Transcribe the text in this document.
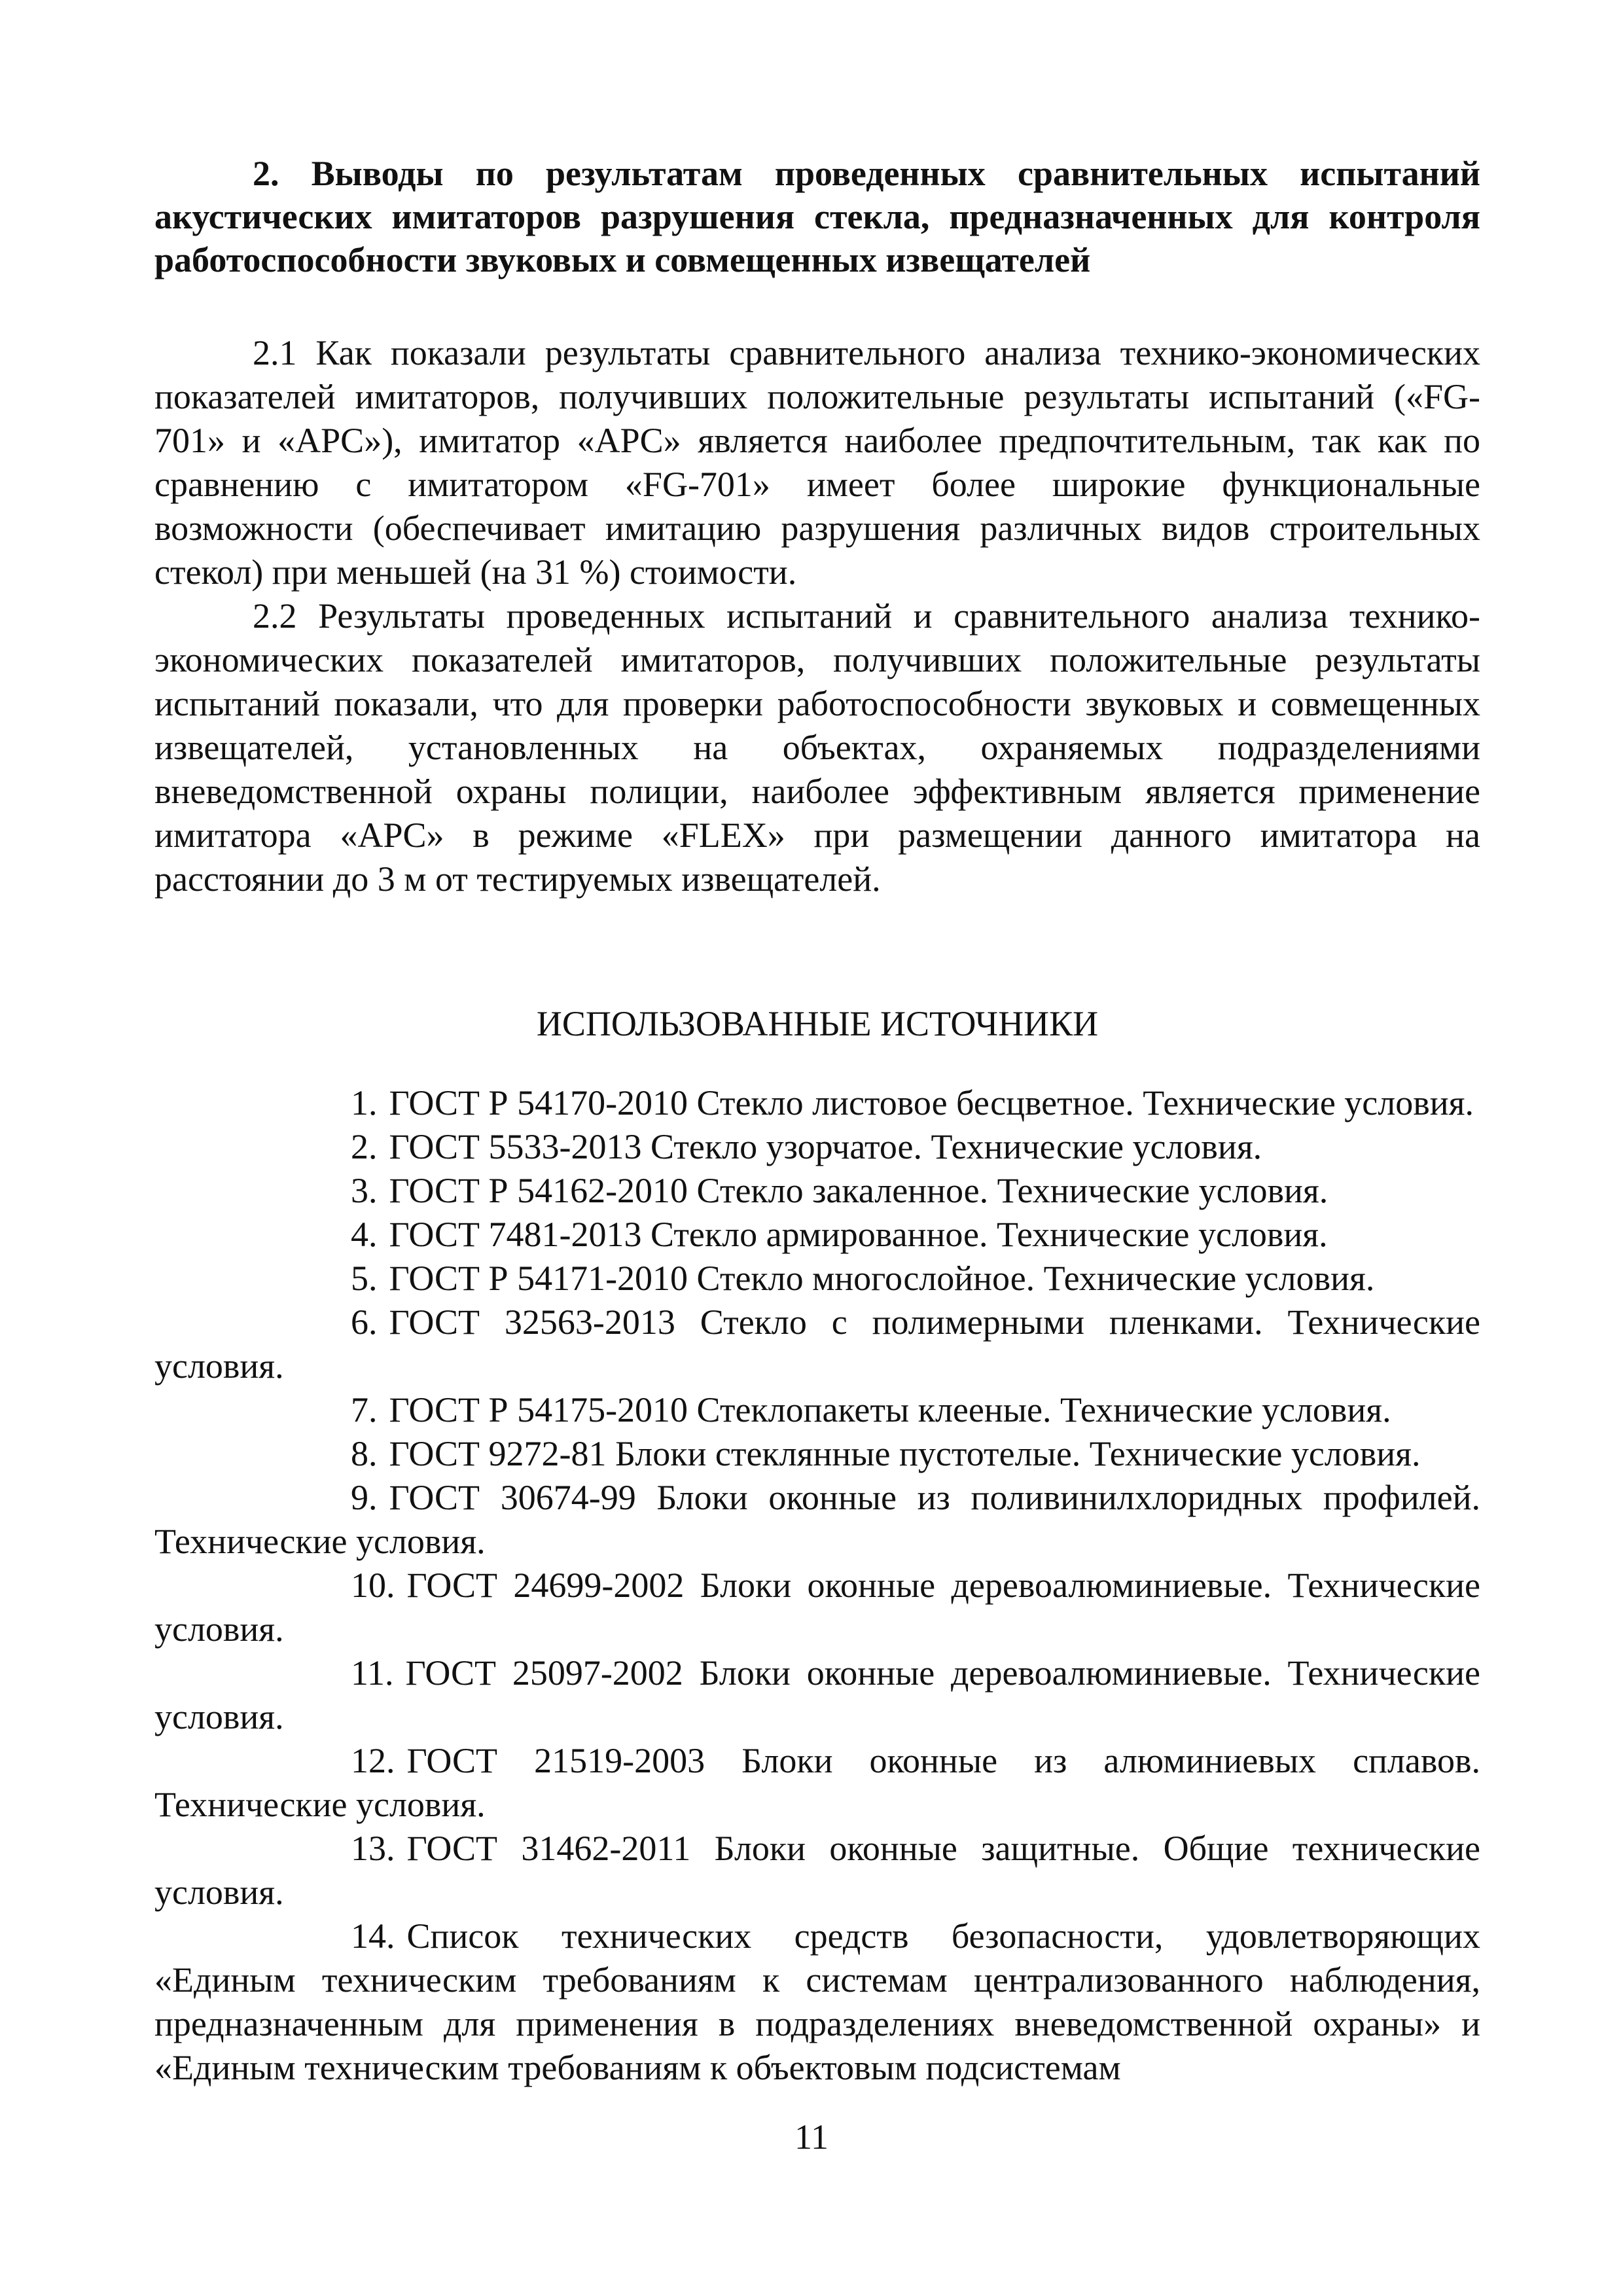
2. Выводы по результатам проведенных сравнительных испытаний акустических имитаторов разрушения стекла, предназначенных для контроля работоспособности звуковых и совмещенных извещателей

2.1 Как показали результаты сравнительного анализа технико-экономических показателей имитаторов, получивших положительные результаты испытаний («FG-701» и «APC»), имитатор «APC» является наиболее предпочтительным, так как по сравнению с имитатором «FG-701» имеет более широкие функциональные возможности (обеспечивает имитацию разрушения различных видов строительных стекол) при меньшей (на 31 %) стоимости.

2.2 Результаты проведенных испытаний и сравнительного анализа технико-экономических показателей имитаторов, получивших положительные результаты испытаний показали, что для проверки работоспособности звуковых и совмещенных извещателей, установленных на объектах, охраняемых подразделениями вневедомственной охраны полиции, наиболее эффективным является применение имитатора «APC» в режиме «FLEX» при размещении данного имитатора на расстоянии до 3 м от тестируемых извещателей.

ИСПОЛЬЗОВАННЫЕ ИСТОЧНИКИ

1. ГОСТ Р 54170-2010 Стекло листовое бесцветное. Технические условия.
2. ГОСТ 5533-2013 Стекло узорчатое. Технические условия.
3. ГОСТ Р 54162-2010 Стекло закаленное. Технические условия.
4. ГОСТ 7481-2013 Стекло армированное. Технические условия.
5. ГОСТ Р 54171-2010 Стекло многослойное. Технические условия.
6. ГОСТ 32563-2013 Стекло с полимерными пленками. Технические условия.
7. ГОСТ Р 54175-2010 Стеклопакеты клееные. Технические условия.
8. ГОСТ 9272-81 Блоки стеклянные пустотелые. Технические условия.
9. ГОСТ 30674-99 Блоки оконные из поливинилхлоридных профилей. Технические условия.
10. ГОСТ 24699-2002 Блоки оконные деревоалюминиевые. Технические условия.
11. ГОСТ 25097-2002 Блоки оконные деревоалюминиевые. Технические условия.
12. ГОСТ 21519-2003 Блоки оконные из алюминиевых сплавов. Технические условия.
13. ГОСТ 31462-2011 Блоки оконные защитные. Общие технические условия.
14. Список технических средств безопасности, удовлетворяющих «Единым техническим требованиям к системам централизованного наблюдения, предназначенным для применения в подразделениях вневедомственной охраны» и «Единым техническим требованиям к объектовым подсистемам
11
